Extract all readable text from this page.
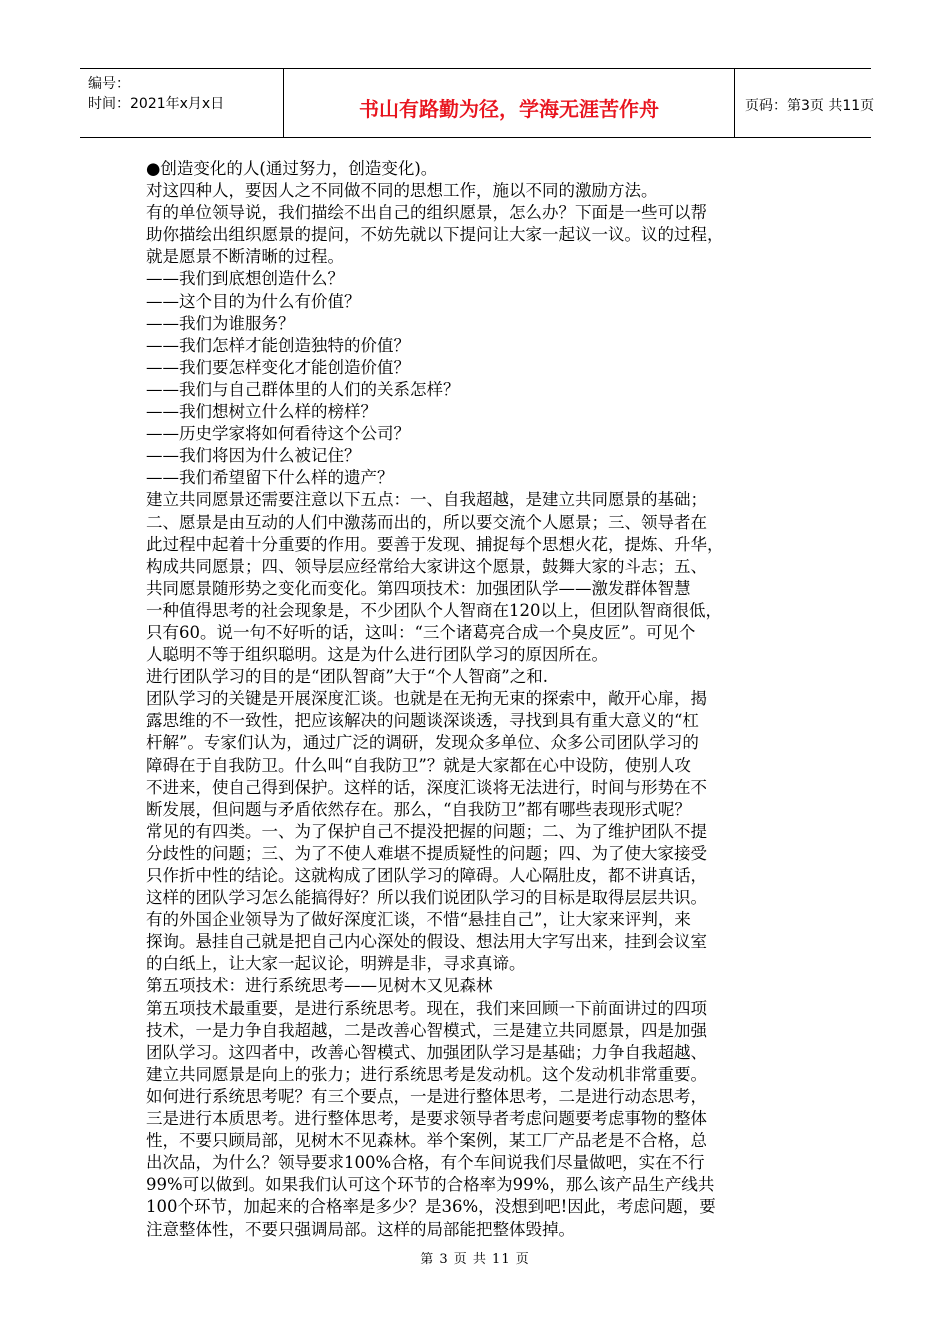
编号：
时间：2021年x月x日	书山有路勤为径，学海无涯苦作舟	页码：第3页 共11页
●创造变化的人(通过努力，创造变化)。
对这四种人，要因人之不同做不同的思想工作，施以不同的激励方法。
有的单位领导说，我们描绘不出自己的组织愿景，怎么办？下面是一些可以帮
助你描绘出组织愿景的提问，不妨先就以下提问让大家一起议一议。议的过程，
就是愿景不断清晰的过程。
——我们到底想创造什么？
——这个目的为什么有价值？
——我们为谁服务？
——我们怎样才能创造独特的价值？
——我们要怎样变化才能创造价值？
——我们与自己群体里的人们的关系怎样？
——我们想树立什么样的榜样？
——历史学家将如何看待这个公司？
——我们将因为什么被记住？
——我们希望留下什么样的遗产？
建立共同愿景还需要注意以下五点：一、自我超越，是建立共同愿景的基础；
二、愿景是由互动的人们中激荡而出的，所以要交流个人愿景；三、领导者在
此过程中起着十分重要的作用。要善于发现、捕捉每个思想火花，提炼、升华，
构成共同愿景；四、领导层应经常给大家讲这个愿景，鼓舞大家的斗志；五、
共同愿景随形势之变化而变化。第四项技术：加强团队学——激发群体智慧
一种值得思考的社会现象是，不少团队个人智商在120以上，但团队智商很低，
只有60。说一句不好听的话，这叫：“三个诸葛亮合成一个臭皮匠”。可见个
人聪明不等于组织聪明。这是为什么进行团队学习的原因所在。
进行团队学习的目的是“团队智商”大于“个人智商”之和.
团队学习的关键是开展深度汇谈。也就是在无拘无束的探索中，敞开心扉，揭
露思维的不一致性，把应该解决的问题谈深谈透，寻找到具有重大意义的“杠
杆解”。专家们认为，通过广泛的调研，发现众多单位、众多公司团队学习的
障碍在于自我防卫。什么叫“自我防卫”？就是大家都在心中设防，使别人攻
不进来，使自己得到保护。这样的话，深度汇谈将无法进行，时间与形势在不
断发展，但问题与矛盾依然存在。那么，“自我防卫”都有哪些表现形式呢？
常见的有四类。一、为了保护自己不提没把握的问题；二、为了维护团队不提
分歧性的问题；三、为了不使人难堪不提质疑性的问题；四、为了使大家接受
只作折中性的结论。这就构成了团队学习的障碍。人心隔肚皮，都不讲真话，
这样的团队学习怎么能搞得好？所以我们说团队学习的目标是取得层层共识。
有的外国企业领导为了做好深度汇谈，不惜“悬挂自己”，让大家来评判，来
探询。悬挂自己就是把自己内心深处的假设、想法用大字写出来，挂到会议室
的白纸上，让大家一起议论，明辨是非，寻求真谛。
第五项技术：进行系统思考——见树木又见森林
第五项技术最重要，是进行系统思考。现在，我们来回顾一下前面讲过的四项
技术，一是力争自我超越，二是改善心智模式，三是建立共同愿景，四是加强
团队学习。这四者中，改善心智模式、加强团队学习是基础；力争自我超越、
建立共同愿景是向上的张力；进行系统思考是发动机。这个发动机非常重要。
如何进行系统思考呢？有三个要点，一是进行整体思考，二是进行动态思考，
三是进行本质思考。进行整体思考，是要求领导者考虑问题要考虑事物的整体
性，不要只顾局部，见树木不见森林。举个案例，某工厂产品老是不合格，总
出次品，为什么？领导要求100%合格，有个车间说我们尽量做吧，实在不行
99%可以做到。如果我们认可这个环节的合格率为99%，那么该产品生产线共
100个环节，加起来的合格率是多少？是36%，没想到吧!因此，考虑问题，要
注意整体性，不要只强调局部。这样的局部能把整体毁掉。
第 3 页 共 11 页
